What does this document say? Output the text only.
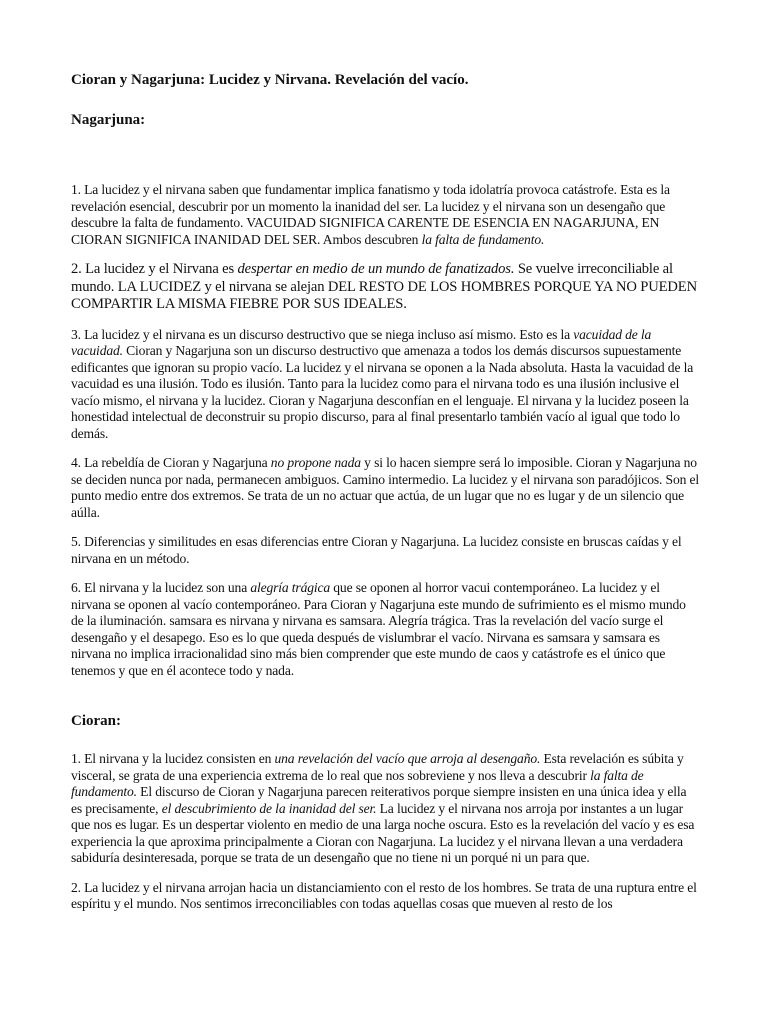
Cioran y Nagarjuna: Lucidez y Nirvana. Revelación del vacío.
Nagarjuna:

1. La lucidez y el nirvana saben que fundamentar implica fanatismo y toda idolatría provoca catástrofe. Esta es la revelación esencial, descubrir por un momento la inanidad del ser. La lucidez y el nirvana son un desengaño que descubre la falta de fundamento. VACUIDAD SIGNIFICA CARENTE DE ESENCIA EN NAGARJUNA, EN CIORAN SIGNIFICA INANIDAD DEL SER. Ambos descubren la falta de fundamento.

2. La lucidez y el Nirvana es despertar en medio de un mundo de fanatizados. Se vuelve irreconciliable al mundo. LA LUCIDEZ y el nirvana se alejan DEL RESTO DE LOS HOMBRES PORQUE YA NO PUEDEN COMPARTIR LA MISMA FIEBRE POR SUS IDEALES.

3. La lucidez y el nirvana es un discurso destructivo que se niega incluso así mismo. Esto es la vacuidad de la vacuidad. Cioran y Nagarjuna son un discurso destructivo que amenaza a todos los demás discursos supuestamente edificantes que ignoran su propio vacío. La lucidez y el nirvana se oponen a la Nada absoluta. Hasta la vacuidad de la vacuidad es una ilusión. Todo es ilusión. Tanto para la lucidez como para el nirvana todo es una ilusión inclusive el vacío mismo, el nirvana y la lucidez. Cioran y Nagarjuna desconfían en el lenguaje. El nirvana y la lucidez poseen la honestidad intelectual de deconstruir su propio discurso, para al final presentarlo también vacío al igual que todo lo demás.

4. La rebeldía de Cioran y Nagarjuna no propone nada y si lo hacen siempre será lo imposible. Cioran y Nagarjuna no se deciden nunca por nada, permanecen ambiguos. Camino intermedio. La lucidez y el nirvana son paradójicos. Son el punto medio entre dos extremos. Se trata de un no actuar que actúa, de un lugar que no es lugar y de un silencio que aúlla.

5. Diferencias y similitudes en esas diferencias entre Cioran y Nagarjuna. La lucidez consiste en bruscas caídas y el nirvana en un método.

6. El nirvana y la lucidez son una alegría trágica que se oponen al horror vacui contemporáneo. La lucidez y el nirvana se oponen al vacío contemporáneo. Para Cioran y Nagarjuna este mundo de sufrimiento es el mismo mundo de la iluminación. samsara es nirvana y nirvana es samsara. Alegría trágica. Tras la revelación del vacío surge el desengaño y el desapego. Eso es lo que queda después de vislumbrar el vacío. Nirvana es samsara y samsara es nirvana no implica irracionalidad sino más bien comprender que este mundo de caos y catástrofe es el único que tenemos y que en él acontece todo y nada.

Cioran:

1. El nirvana y la lucidez consisten en una revelación del vacío que arroja al desengaño. Esta revelación es súbita y visceral, se grata de una experiencia extrema de lo real que nos sobreviene y nos lleva a descubrir la falta de fundamento. El discurso de Cioran y Nagarjuna parecen reiterativos porque siempre insisten en una única idea y ella es precisamente, el descubrimiento de la inanidad del ser. La lucidez y el nirvana nos arroja por instantes a un lugar que nos es lugar. Es un despertar violento en medio de una larga noche oscura. Esto es la revelación del vacío y es esa experiencia la que aproxima principalmente a Cioran con Nagarjuna. La lucidez y el nirvana llevan a una verdadera sabiduría desinteresada, porque se trata de un desengaño que no tiene ni un porqué ni un para que.

2. La lucidez y el nirvana arrojan hacia un distanciamiento con el resto de los hombres. Se trata de una ruptura entre el espíritu y el mundo. Nos sentimos irreconciliables con todas aquellas cosas que mueven al resto de los
